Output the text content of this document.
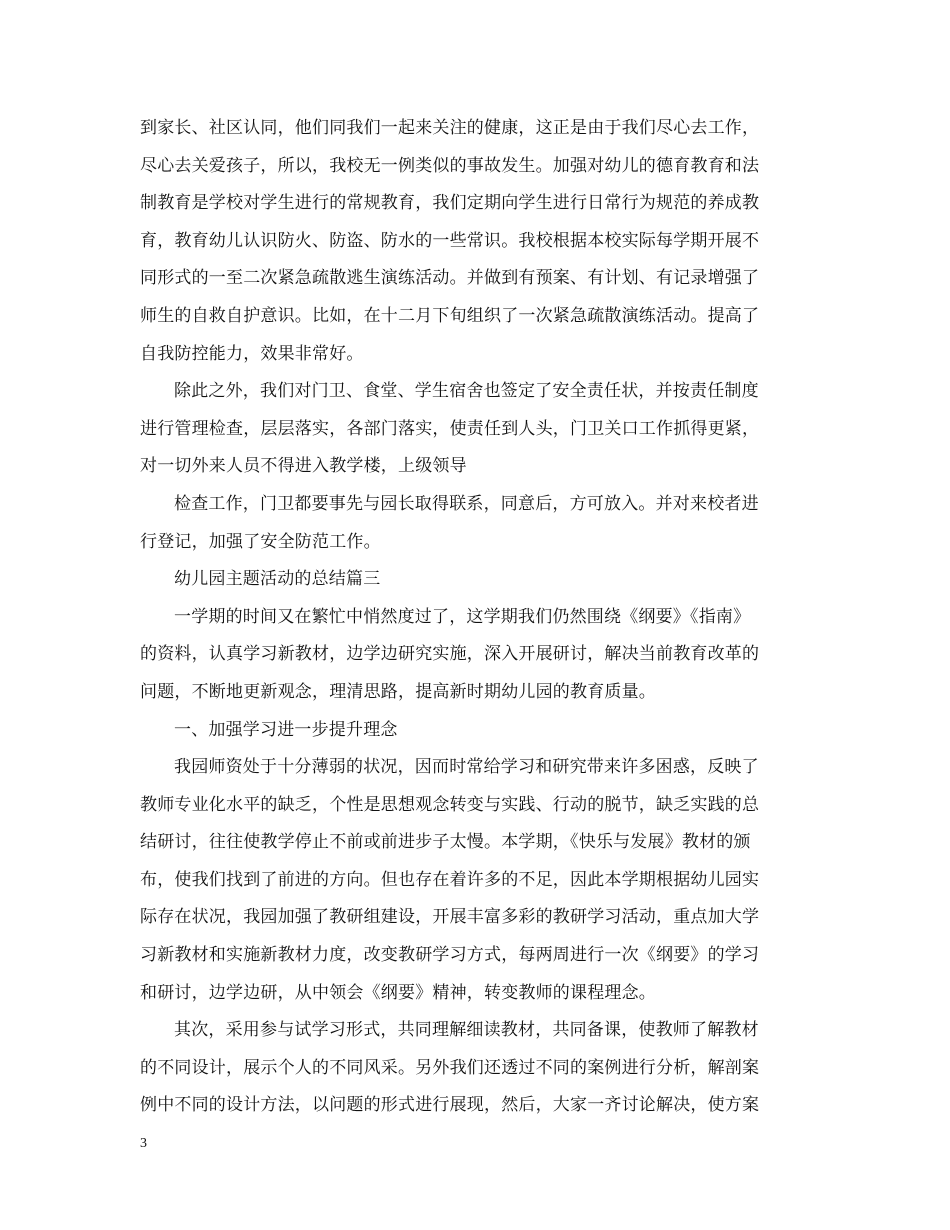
到家长、社区认同，他们同我们一起来关注的健康，这正是由于我们尽心去工作，
尽心去关爱孩子，所以，我校无一例类似的事故发生。加强对幼儿的德育教育和法
制教育是学校对学生进行的常规教育，我们定期向学生进行日常行为规范的养成教
育，教育幼儿认识防火、防盗、防水的一些常识。我校根据本校实际每学期开展不
同形式的一至二次紧急疏散逃生演练活动。并做到有预案、有计划、有记录增强了
师生的自救自护意识。比如，在十二月下旬组织了一次紧急疏散演练活动。提高了
自我防控能力，效果非常好。
除此之外，我们对门卫、食堂、学生宿舍也签定了安全责任状，并按责任制度
进行管理检查，层层落实，各部门落实，使责任到人头，门卫关口工作抓得更紧，
对一切外来人员不得进入教学楼，上级领导
检查工作，门卫都要事先与园长取得联系，同意后，方可放入。并对来校者进
行登记，加强了安全防范工作。
幼儿园主题活动的总结篇三
一学期的时间又在繁忙中悄然度过了，这学期我们仍然围绕《纲要》《指南》
的资料，认真学习新教材，边学边研究实施，深入开展研讨，解决当前教育改革的
问题，不断地更新观念，理清思路，提高新时期幼儿园的教育质量。
一、加强学习进一步提升理念
我园师资处于十分薄弱的状况，因而时常给学习和研究带来许多困惑，反映了
教师专业化水平的缺乏，个性是思想观念转变与实践、行动的脱节，缺乏实践的总
结研讨，往往使教学停止不前或前进步子太慢。本学期，《快乐与发展》教材的颁
布，使我们找到了前进的方向。但也存在着许多的不足，因此本学期根据幼儿园实
际存在状况，我园加强了教研组建设，开展丰富多彩的教研学习活动，重点加大学
习新教材和实施新教材力度，改变教研学习方式，每两周进行一次《纲要》的学习
和研讨，边学边研，从中领会《纲要》精神，转变教师的课程理念。
其次，采用参与试学习形式，共同理解细读教材，共同备课，使教师了解教材
的不同设计，展示个人的不同风采。另外我们还透过不同的案例进行分析，解剖案
例中不同的设计方法，以问题的形式进行展现，然后，大家一齐讨论解决，使方案
3
